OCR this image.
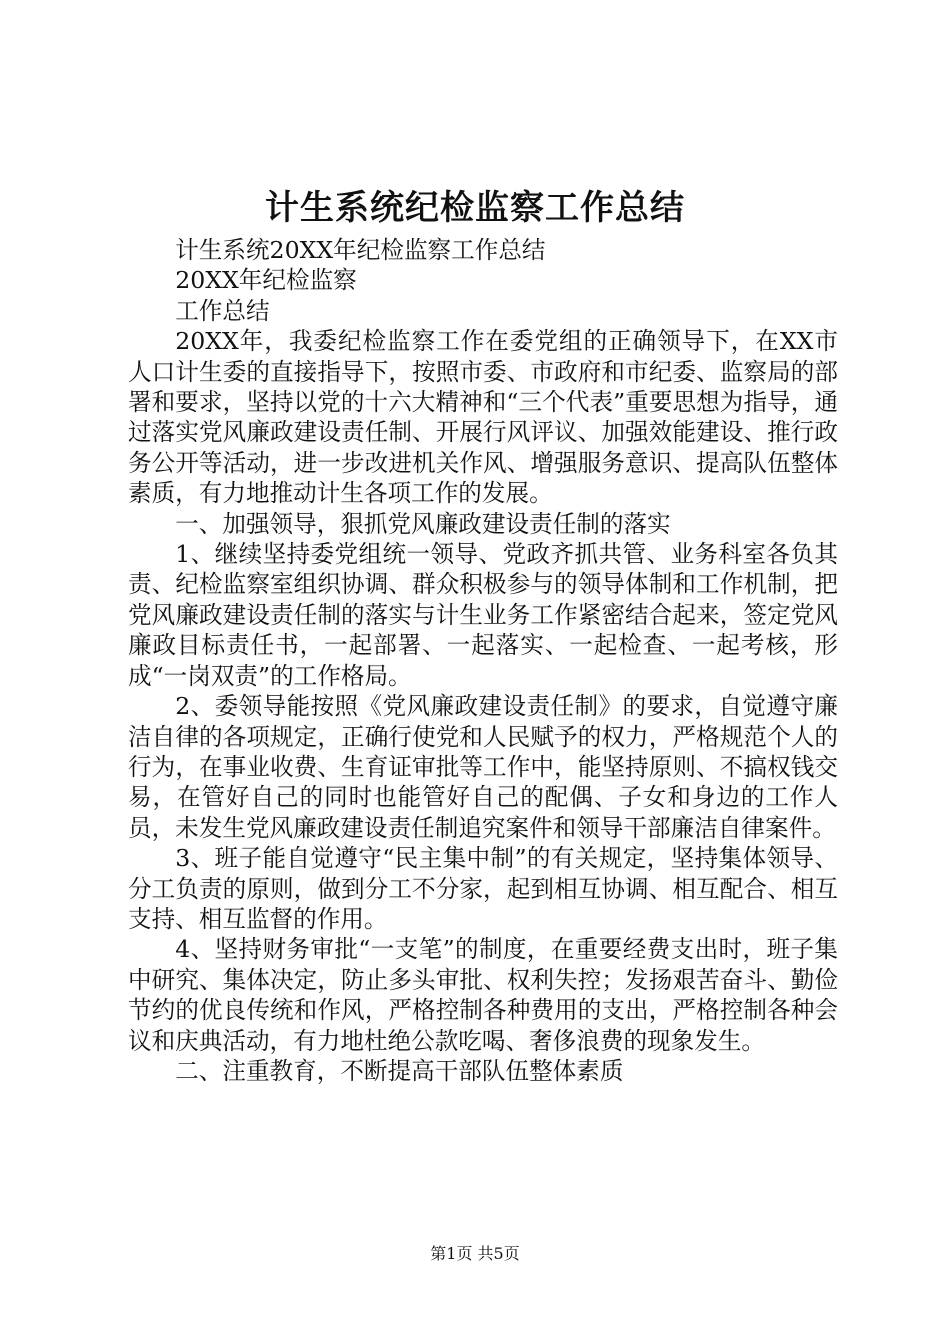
计生系统纪检监察工作总结

计生系统20XX年纪检监察工作总结

20XX年纪检监察

工作总结

20XX年，我委纪检监察工作在委党组的正确领导下，在XX市人口计生委的直接指导下，按照市委、市政府和市纪委、监察局的部署和要求，坚持以党的十六大精神和“三个代表”重要思想为指导，通过落实党风廉政建设责任制、开展行风评议、加强效能建设、推行政务公开等活动，进一步改进机关作风、增强服务意识、提高队伍整体素质，有力地推动计生各项工作的发展。

一、加强领导，狠抓党风廉政建设责任制的落实

1、继续坚持委党组统一领导、党政齐抓共管、业务科室各负其责、纪检监察室组织协调、群众积极参与的领导体制和工作机制，把党风廉政建设责任制的落实与计生业务工作紧密结合起来，签定党风廉政目标责任书，一起部署、一起落实、一起检查、一起考核，形成“一岗双责”的工作格局。

2、委领导能按照《党风廉政建设责任制》的要求，自觉遵守廉洁自律的各项规定，正确行使党和人民赋予的权力，严格规范个人的行为，在事业收费、生育证审批等工作中，能坚持原则、不搞权钱交易，在管好自己的同时也能管好自己的配偶、子女和身边的工作人员，未发生党风廉政建设责任制追究案件和领导干部廉洁自律案件。

3、班子能自觉遵守“民主集中制”的有关规定，坚持集体领导、分工负责的原则，做到分工不分家，起到相互协调、相互配合、相互支持、相互监督的作用。

4、坚持财务审批“一支笔”的制度，在重要经费支出时，班子集中研究、集体决定，防止多头审批、权利失控；发扬艰苦奋斗、勤俭节约的优良传统和作风，严格控制各种费用的支出，严格控制各种会议和庆典活动，有力地杜绝公款吃喝、奢侈浪费的现象发生。

二、注重教育，不断提高干部队伍整体素质

第1页 共5页
